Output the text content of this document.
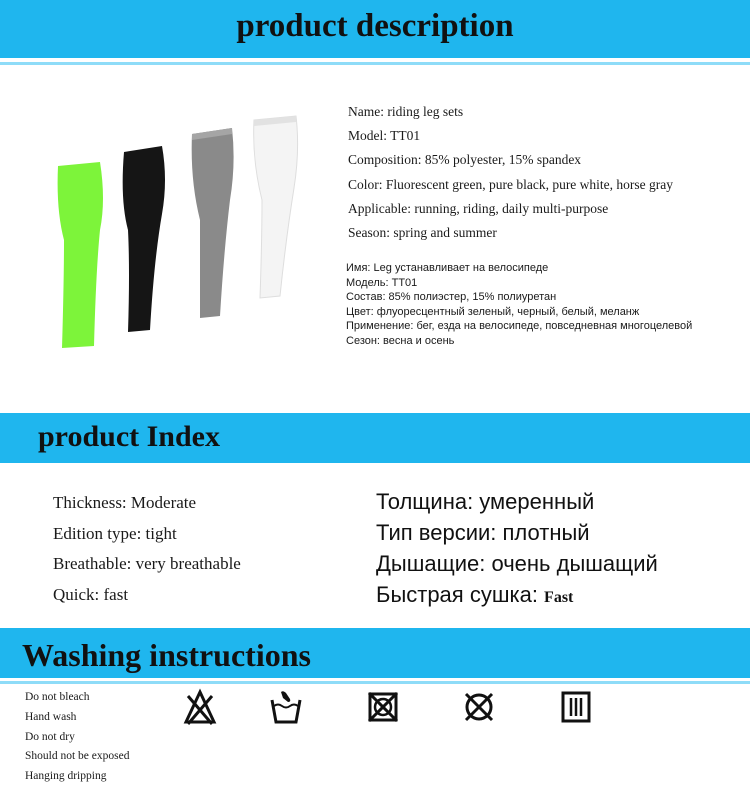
product description
Name: riding leg sets
Model: TT01
Composition: 85% polyester, 15% spandex
Color: Fluorescent green, pure black, pure white, horse gray
Applicable: running, riding, daily multi-purpose
Season: spring and summer
Имя: Leg устанавливает на велосипеде
Модель: TT01
Состав: 85% полиэстер, 15% полиуретан
Цвет: флуоресцентный зеленый, черный, белый, меланж
Применение: бег, езда на велосипеде, повседневная многоцелевой
Сезон: весна и осень
product Index
Thickness: Moderate
Edition type: tight
Breathable: very breathable
Quick: fast
Толщина: умеренный
Тип версии: плотный
Дышащие: очень дышащий
Быстрая сушка: Fast
Washing instructions
Do not bleach
Hand wash
Do not dry
Should not be exposed
Hanging dripping
